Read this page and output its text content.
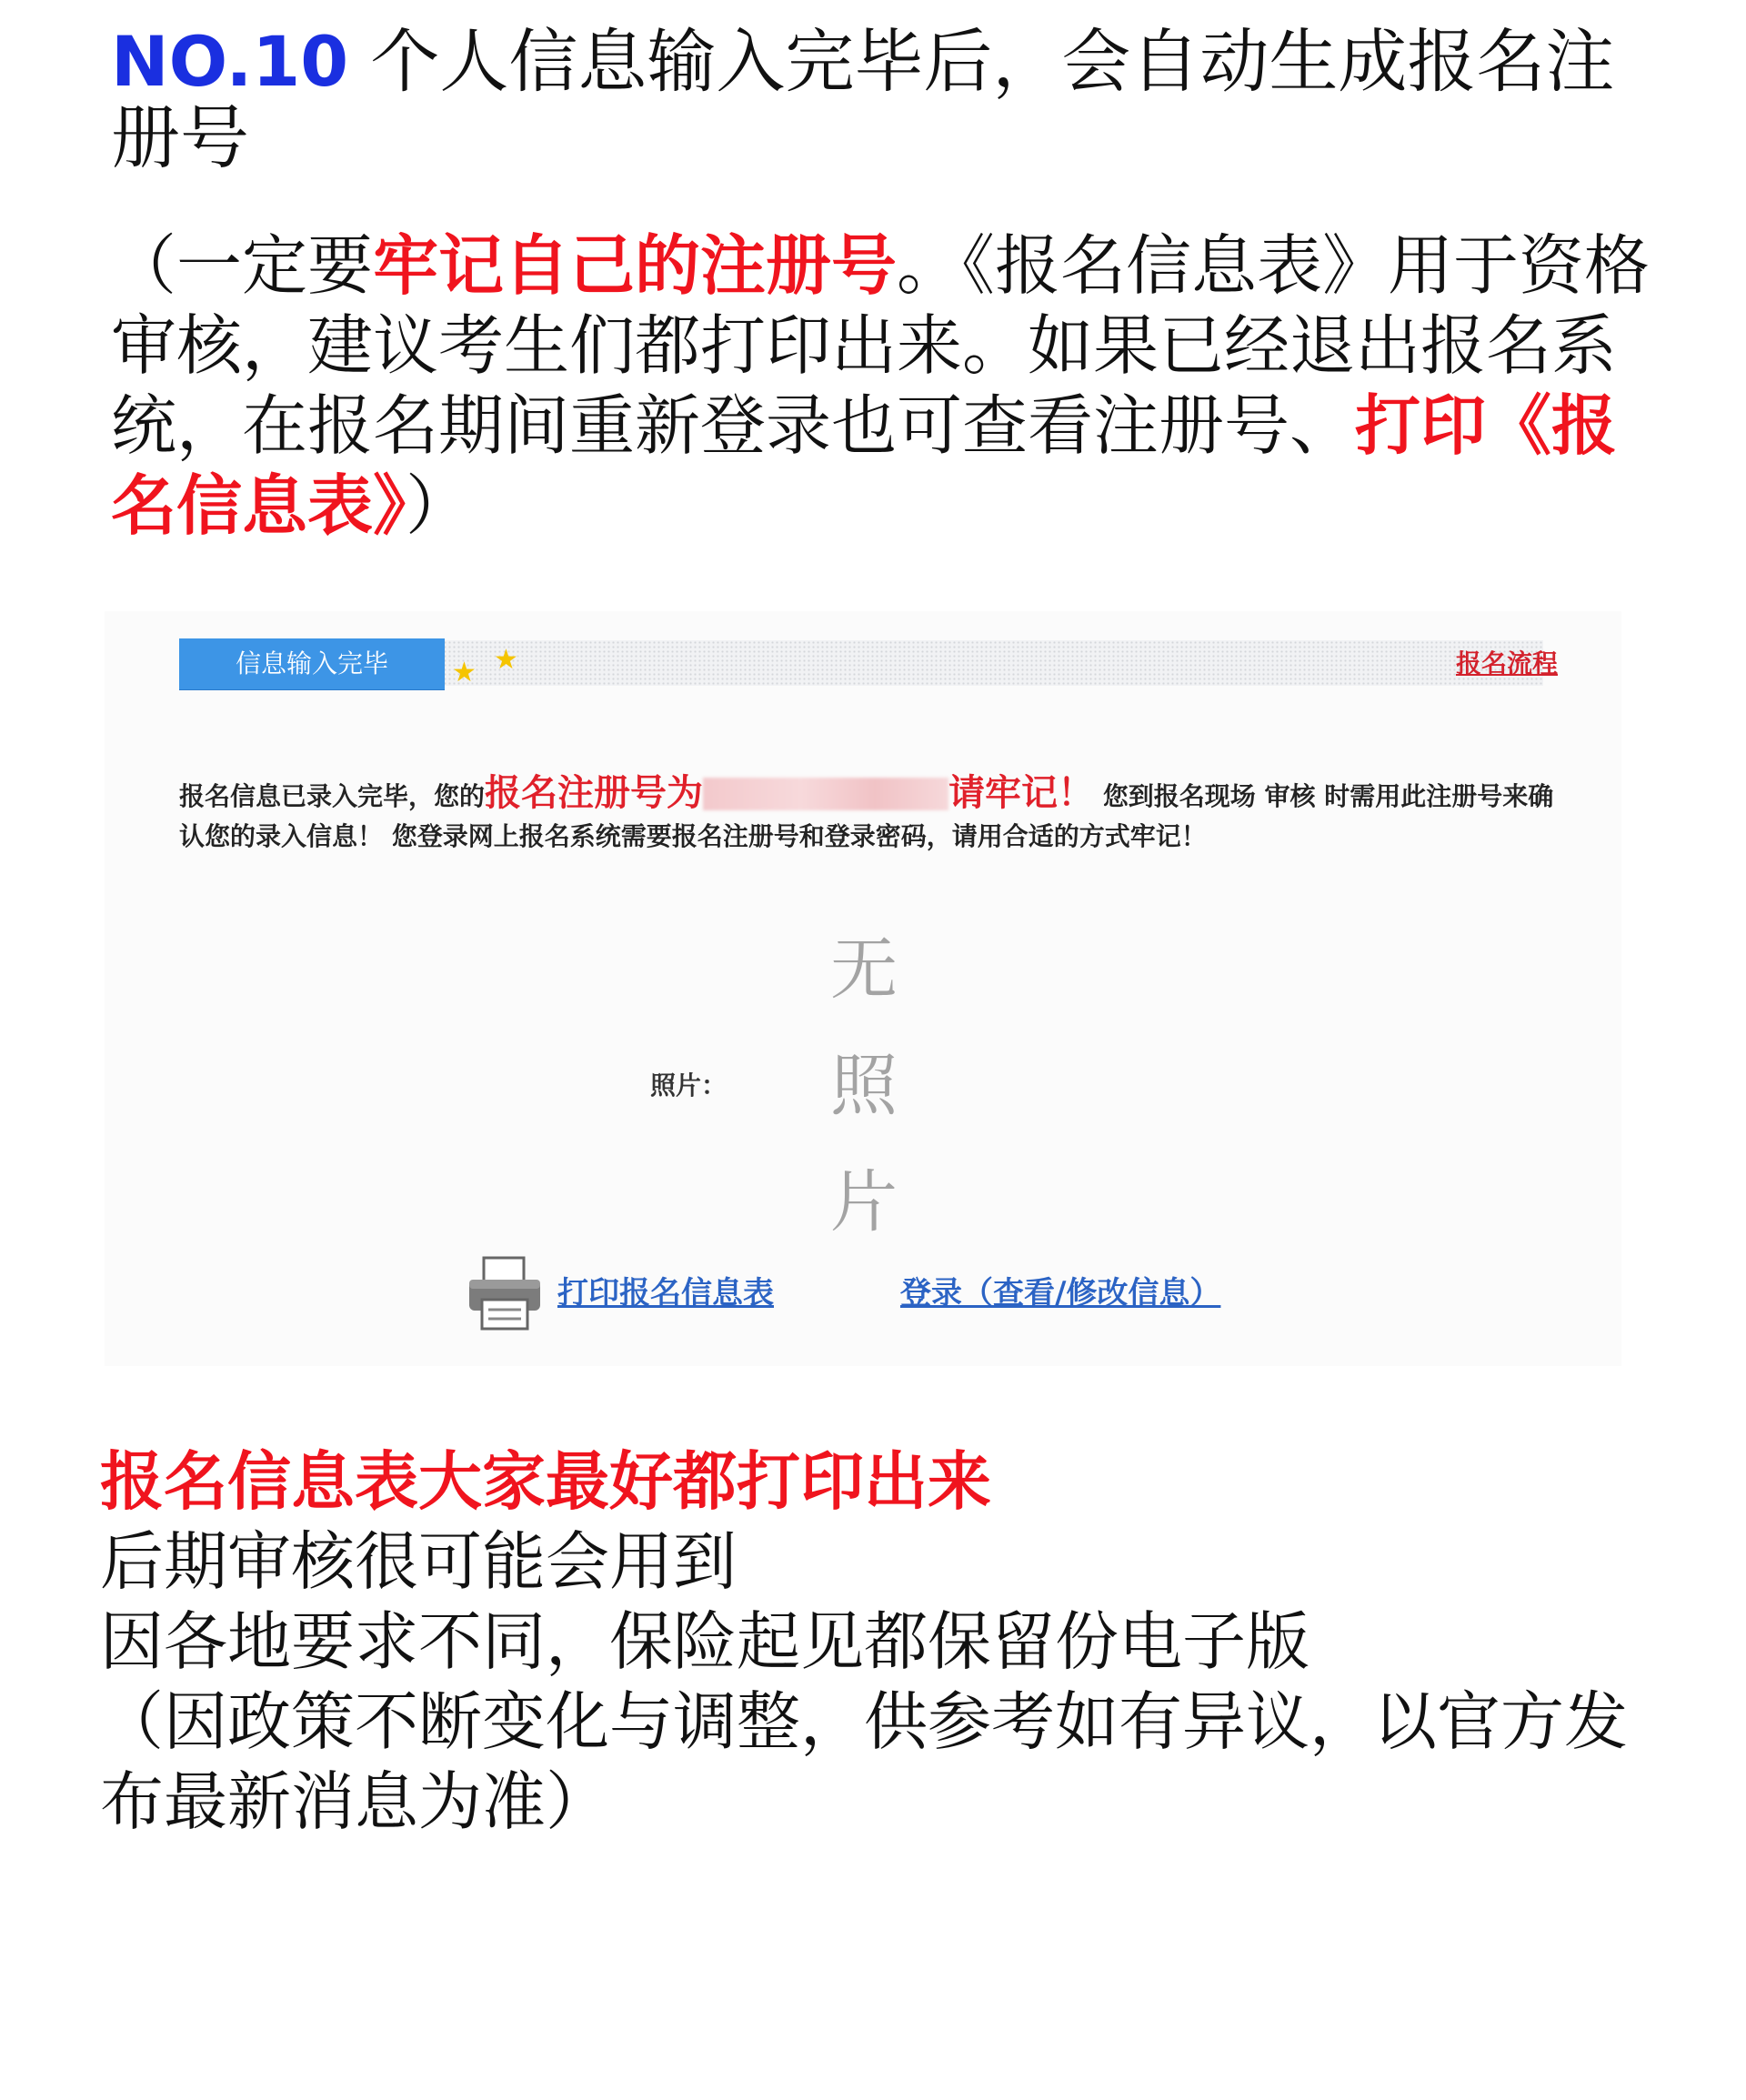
NO.10 个人信息输入完毕后，会自动生成报名注册号
（一定要牢记自己的注册号。《报名信息表》用于资格审核，建议考生们都打印出来。如果已经退出报名系统，在报名期间重新登录也可查看注册号、打印《报名信息表》）
信息输入完毕	★ ★	报名流程
报名信息已录入完毕，您的报名注册号为	请牢记！ 您到报名现场 审核 时需用此注册号来确认您的录入信息！ 您登录网上报名系统需要报名注册号和登录密码，请用合适的方式牢记！
照片：
无
照
片
打印报名信息表	登录（查看/修改信息）
报名信息表大家最好都打印出来
后期审核很可能会用到
因各地要求不同，保险起见都保留份电子版
（因政策不断变化与调整，供参考如有异议，以官方发布最新消息为准）
